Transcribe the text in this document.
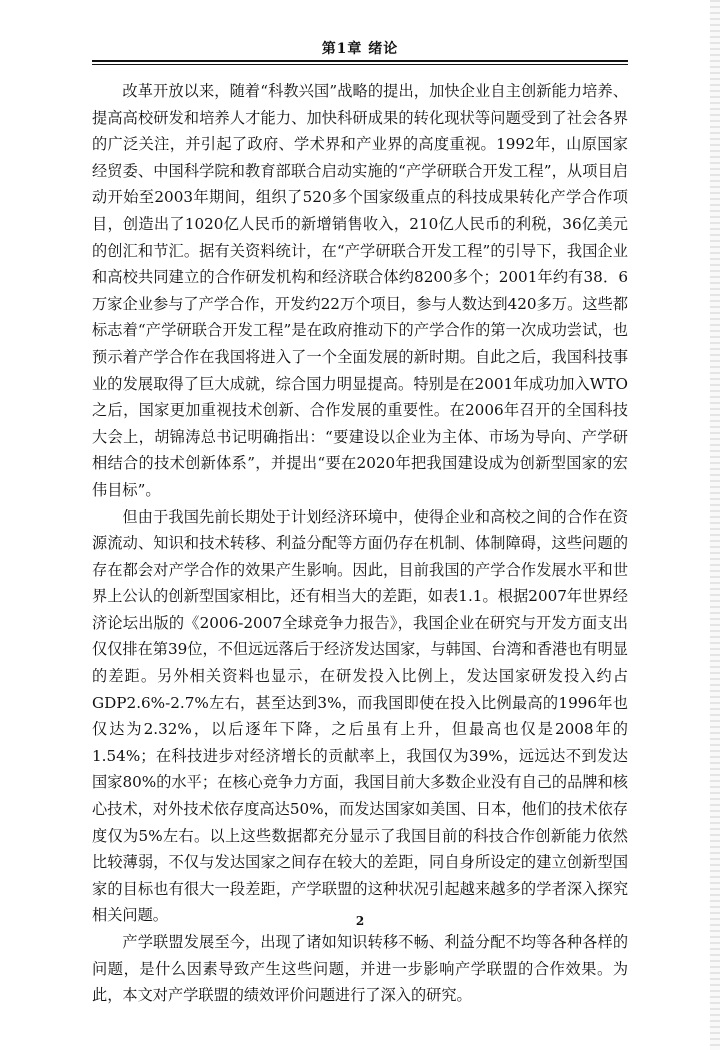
第1章 绪论

改革开放以来，随着“科教兴国”战略的提出，加快企业自主创新能力培养、提高高校研发和培养人才能力、加快科研成果的转化现状等问题受到了社会各界的广泛关注，并引起了政府、学术界和产业界的高度重视。1992年，山原国家经贸委、中国科学院和教育部联合启动实施的“产学研联合开发工程”，从项目启动开始至2003年期间，组织了520多个国家级重点的科技成果转化产学合作项目，创造出了1020亿人民币的新增销售收入，210亿人民币的利税，36亿美元的创汇和节汇。据有关资料统计，在“产学研联合开发工程”的引导下，我国企业和高校共同建立的合作研发机构和经济联合体约8200多个；2001年约有38．6万家企业参与了产学合作，开发约22万个项目，参与人数达到420多万。这些都标志着“产学研联合开发工程”是在政府推动下的产学合作的第一次成功尝试，也预示着产学合作在我国将进入了一个全面发展的新时期。自此之后，我国科技事业的发展取得了巨大成就，综合国力明显提高。特别是在2001年成功加入WTO之后，国家更加重视技术创新、合作发展的重要性。在2006年召开的全国科技大会上，胡锦涛总书记明确指出：“要建设以企业为主体、市场为导向、产学研相结合的技术创新体系”，并提出“要在2020年把我国建设成为创新型国家的宏伟目标”。

但由于我国先前长期处于计划经济环境中，使得企业和高校之间的合作在资源流动、知识和技术转移、利益分配等方面仍存在机制、体制障碍，这些问题的存在都会对产学合作的效果产生影响。因此，目前我国的产学合作发展水平和世界上公认的创新型国家相比，还有相当大的差距，如表1.1。根据2007年世界经济论坛出版的《2006-2007全球竞争力报告》，我国企业在研究与开发方面支出仅仅排在第39位，不但远远落后于经济发达国家，与韩国、台湾和香港也有明显的差距。另外相关资料也显示，在研发投入比例上，发达国家研发投入约占GDP2.6%-2.7%左右，甚至达到3%，而我国即使在投入比例最高的1996年也仅达为2.32%，以后逐年下降，之后虽有上升，但最高也仅是2008年的1.54%；在科技进步对经济增长的贡献率上，我国仅为39%，远远达不到发达国家80%的水平；在核心竞争力方面，我国目前大多数企业没有自己的品牌和核心技术，对外技术依存度高达50%，而发达国家如美国、日本，他们的技术依存度仅为5%左右。以上这些数据都充分显示了我国目前的科技合作创新能力依然比较薄弱，不仅与发达国家之间存在较大的差距，同自身所设定的建立创新型国家的目标也有很大一段差距，产学联盟的这种状况引起越来越多的学者深入探究相关问题。

产学联盟发展至今，出现了诸如知识转移不畅、利益分配不均等各种各样的问题，是什么因素导致产生这些问题，并进一步影响产学联盟的合作效果。为此，本文对产学联盟的绩效评价问题进行了深入的研究。

2
